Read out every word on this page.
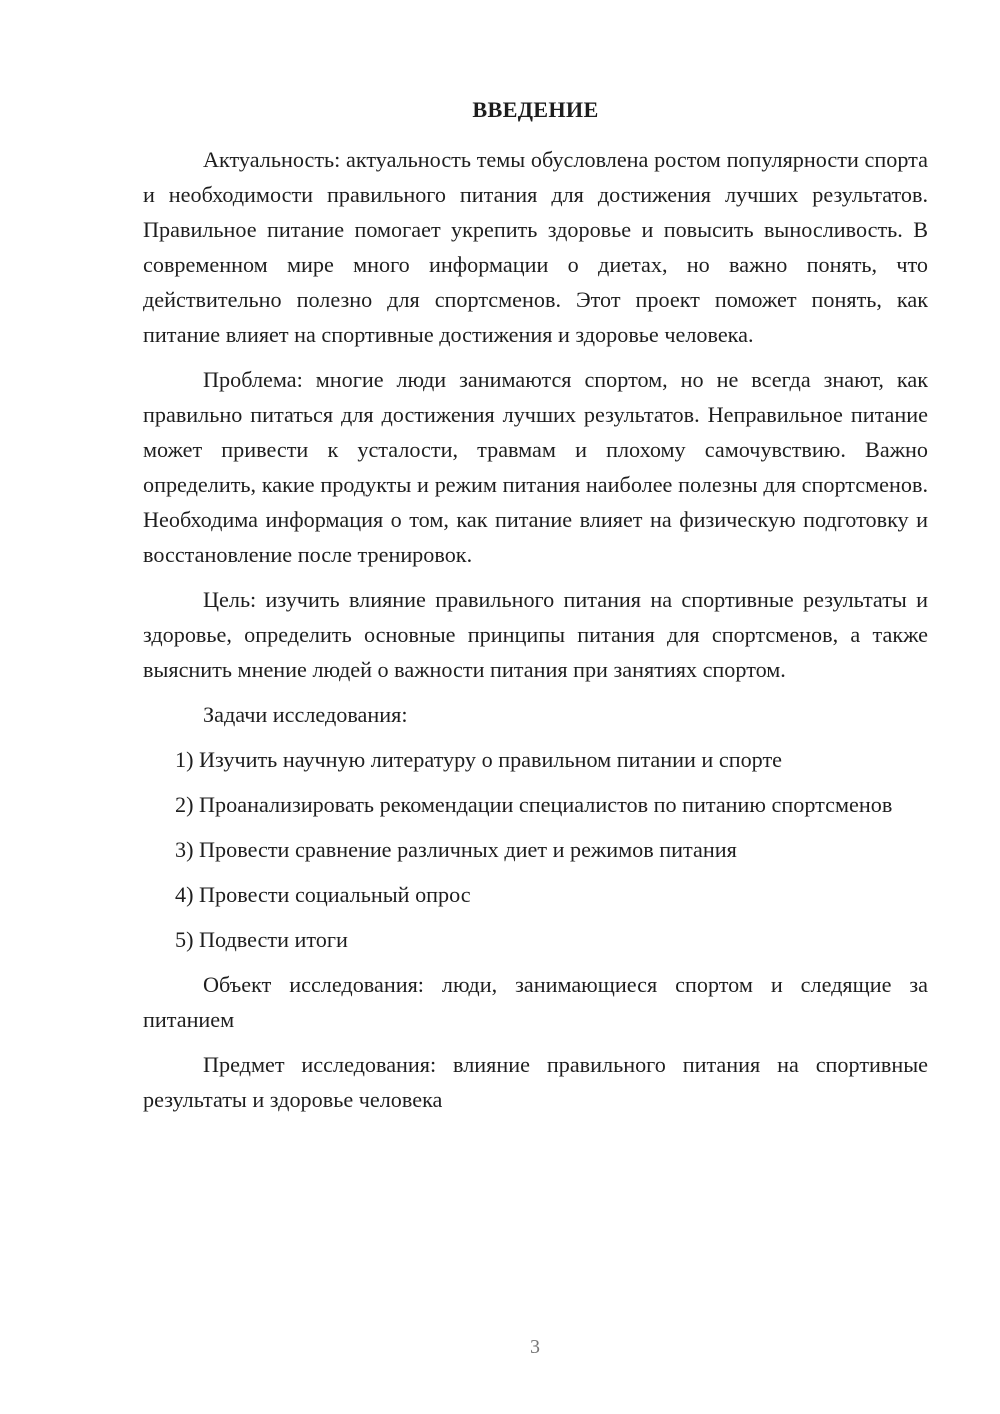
ВВЕДЕНИЕ

Актуальность: актуальность темы обусловлена ростом популярности спорта и необходимости правильного питания для достижения лучших результатов. Правильное питание помогает укрепить здоровье и повысить выносливость. В современном мире много информации о диетах, но важно понять, что действительно полезно для спортсменов. Этот проект поможет понять, как питание влияет на спортивные достижения и здоровье человека.

Проблема: многие люди занимаются спортом, но не всегда знают, как правильно питаться для достижения лучших результатов. Неправильное питание может привести к усталости, травмам и плохому самочувствию. Важно определить, какие продукты и режим питания наиболее полезны для спортсменов. Необходима информация о том, как питание влияет на физическую подготовку и восстановление после тренировок.

Цель: изучить влияние правильного питания на спортивные результаты и здоровье, определить основные принципы питания для спортсменов, а также выяснить мнение людей о важности питания при занятиях спортом.

Задачи исследования:

1) Изучить научную литературу о правильном питании и спорте

2) Проанализировать рекомендации специалистов по питанию спортсменов

3) Провести сравнение различных диет и режимов питания

4) Провести социальный опрос

5) Подвести итоги

Объект исследования: люди, занимающиеся спортом и следящие за питанием

Предмет исследования: влияние правильного питания на спортивные результаты и здоровье человека

3
